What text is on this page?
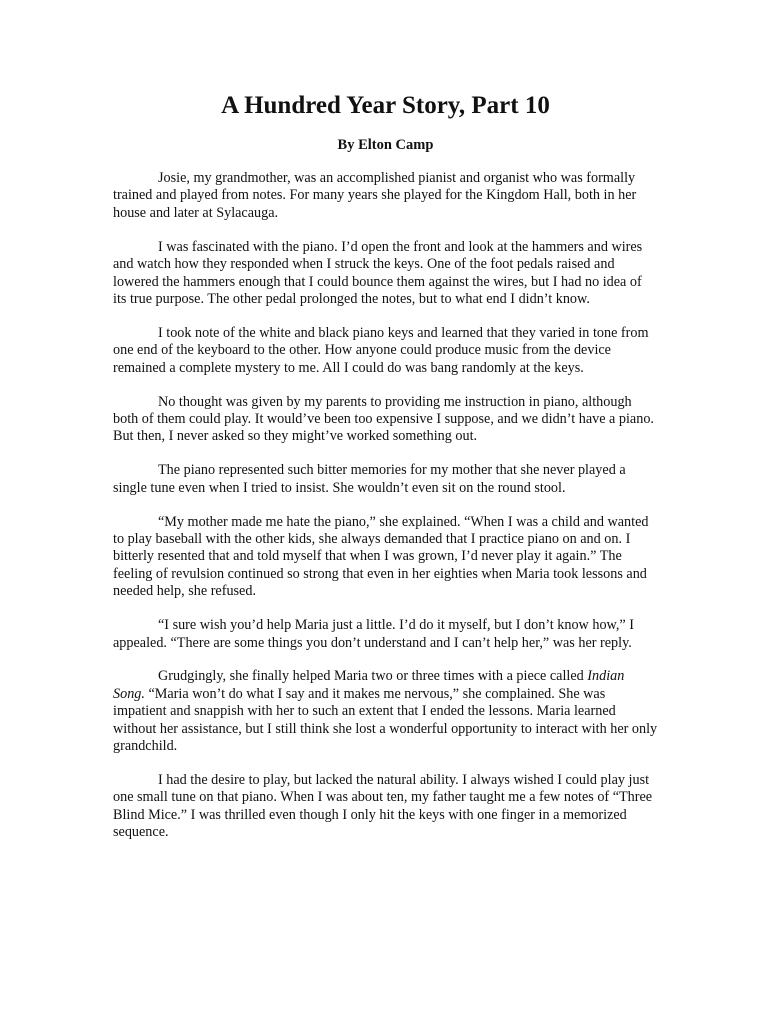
A Hundred Year Story, Part 10
By Elton Camp

Josie, my grandmother, was an accomplished pianist and organist who was formally trained and played from notes. For many years she played for the Kingdom Hall, both in her house and later at Sylacauga.

I was fascinated with the piano. I’d open the front and look at the hammers and wires and watch how they responded when I struck the keys. One of the foot pedals raised and lowered the hammers enough that I could bounce them against the wires, but I had no idea of its true purpose. The other pedal prolonged the notes, but to what end I didn’t know.

I took note of the white and black piano keys and learned that they varied in tone from one end of the keyboard to the other. How anyone could produce music from the device remained a complete mystery to me. All I could do was bang randomly at the keys.

No thought was given by my parents to providing me instruction in piano, although both of them could play. It would’ve been too expensive I suppose, and we didn’t have a piano. But then, I never asked so they might’ve worked something out.

The piano represented such bitter memories for my mother that she never played a single tune even when I tried to insist. She wouldn’t even sit on the round stool.

“My mother made me hate the piano,” she explained. “When I was a child and wanted to play baseball with the other kids, she always demanded that I practice piano on and on. I bitterly resented that and told myself that when I was grown, I’d never play it again.” The feeling of revulsion continued so strong that even in her eighties when Maria took lessons and needed help, she refused.

“I sure wish you’d help Maria just a little. I’d do it myself, but I don’t know how,” I appealed. “There are some things you don’t understand and I can’t help her,” was her reply.

Grudgingly, she finally helped Maria two or three times with a piece called Indian Song. “Maria won’t do what I say and it makes me nervous,” she complained. She was impatient and snappish with her to such an extent that I ended the lessons. Maria learned without her assistance, but I still think she lost a wonderful opportunity to interact with her only grandchild.

I had the desire to play, but lacked the natural ability. I always wished I could play just one small tune on that piano. When I was about ten, my father taught me a few notes of “Three Blind Mice.” I was thrilled even though I only hit the keys with one finger in a memorized sequence.
